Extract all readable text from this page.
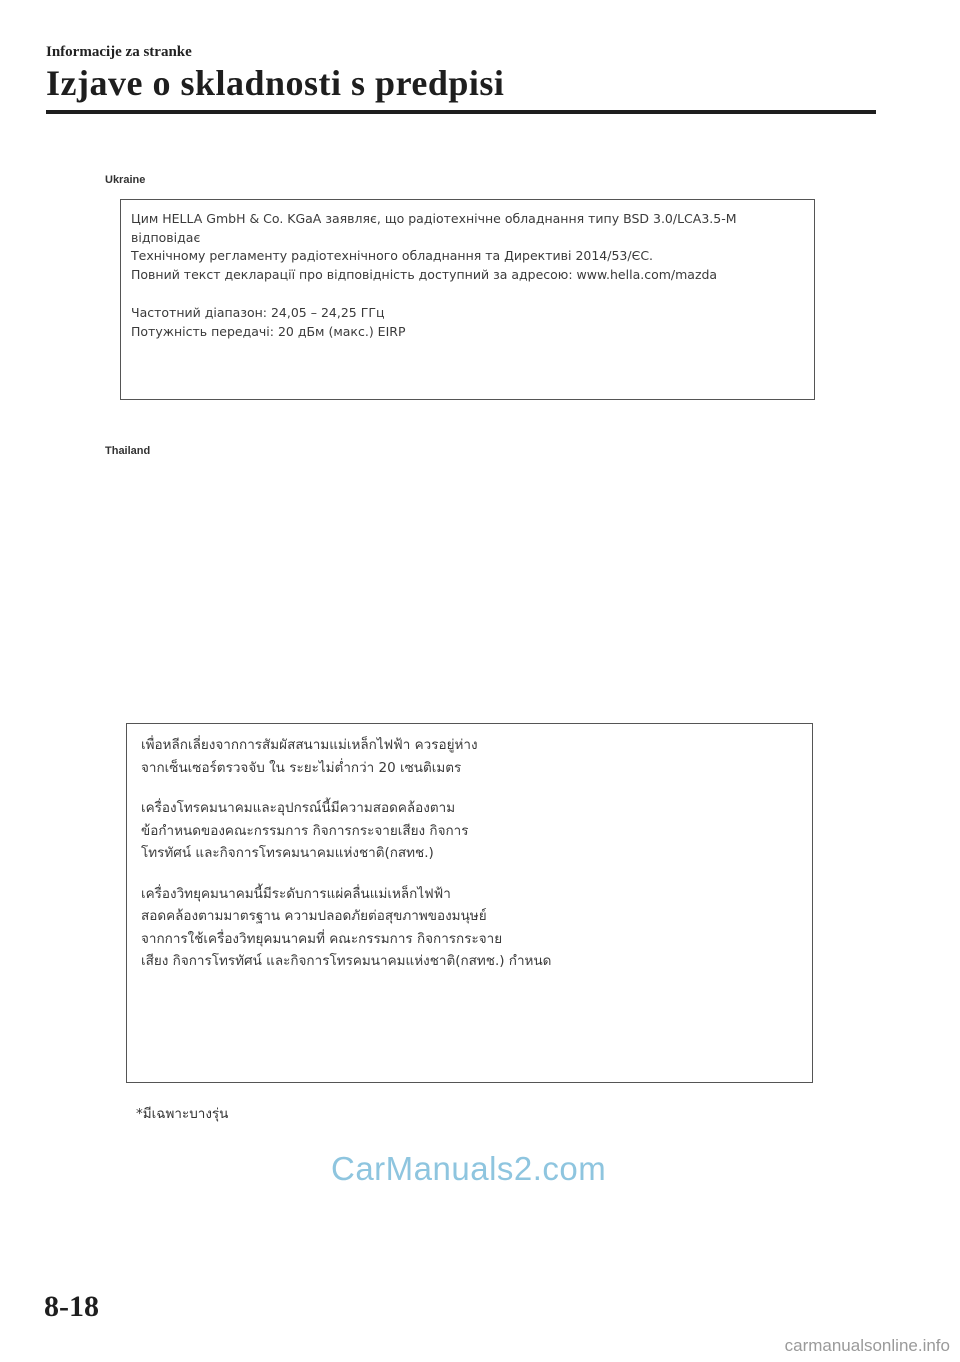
Informacije za stranke
Izjave o skladnosti s predpisi
Ukraine

Цим HELLA GmbH & Co. KGaA заявляє, що радіотехнічне обладнання типу BSD 3.0/LCA3.5-M відповідає

Технічному регламенту радіотехнічного обладнання та Директиві 2014/53/ЄС.

Повний текст декларації про відповідність доступний за адресою: www.hella.com/mazda

Частотний діапазон: 24,05 – 24,25 ГГц

Потужність передачі: 20 дБм (макс.) EIRP

Thailand

เพื่อหลีกเลี่ยงจากการสัมผัสสนามแม่เหล็กไฟฟ้า ควรอยู่ห่าง

จากเซ็นเซอร์ตรวจจับ ใน ระยะไม่ต่ำกว่า 20 เซนติเมตร

เครื่องโทรคมนาคมและอุปกรณ์นี้มีความสอดคล้องตาม

ข้อกำหนดของคณะกรรมการ กิจการกระจายเสียง กิจการ

โทรทัศน์ และกิจการโทรคมนาคมแห่งชาติ(กสทช.)

เครื่องวิทยุคมนาคมนี้มีระดับการแผ่คลื่นแม่เหล็กไฟฟ้า

สอดคล้องตามมาตรฐาน ความปลอดภัยต่อสุขภาพของมนุษย์

จากการใช้เครื่องวิทยุคมนาคมที่ คณะกรรมการ กิจการกระจาย

เสียง กิจการโทรทัศน์ และกิจการโทรคมนาคมแห่งชาติ(กสทช.) กำหนด

*มีเฉพาะบางรุ่น
CarManuals2.com
8-18
carmanualsonline.info
